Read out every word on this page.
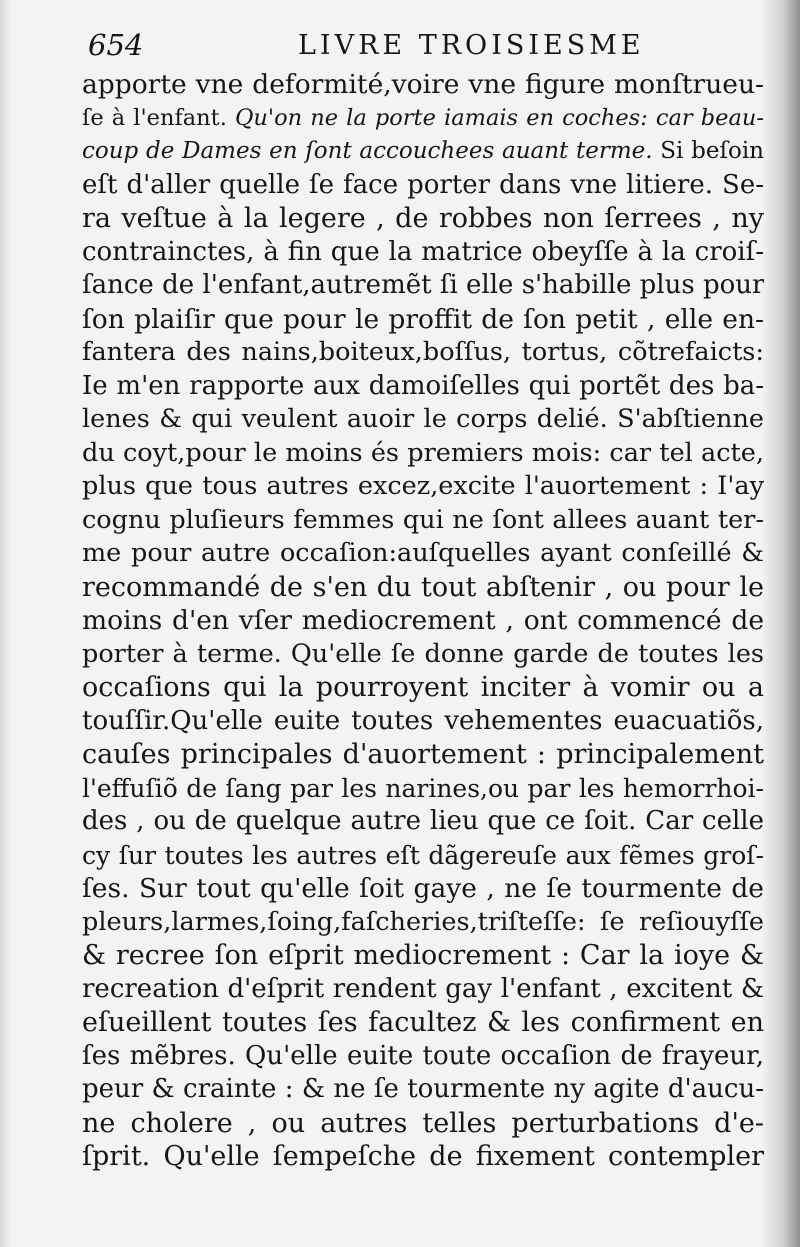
654	LIVRE TROISIESME
apporte vne deformité,voire vne figure monſtrueu-
ſe à l'enfant. Qu'on ne la porte iamais en coches: car beau-
coup de Dames en ſont accouchees auant terme. Si beſoin
eſt d'aller quelle ſe face porter dans vne litiere. Se-
ra veſtue à la legere , de robbes non ſerrees , ny
contrainctes, à fin que la matrice obeyſſe à la croiſ-
ſance de l'enfant,autremẽt ſi elle s'habille plus pour
ſon plaiſir que pour le proffit de ſon petit , elle en-
fantera des nains,boiteux,boſſus, tortus, cõtrefaicts:
Ie m'en rapporte aux damoiſelles qui portẽt des ba-
lenes & qui veulent auoir le corps delié. S'abſtienne
du coyt,pour le moins és premiers mois: car tel acte,
plus que tous autres excez,excite l'auortement : I'ay
cognu pluſieurs femmes qui ne ſont allees auant ter-
me pour autre occaſion:auſquelles ayant conſeillé &
recommandé de s'en du tout abſtenir , ou pour le
moins d'en vſer mediocrement , ont commencé de
porter à terme. Qu'elle ſe donne garde de toutes les
occaſions qui la pourroyent inciter à vomir ou a
touſſir.Qu'elle euite toutes vehementes euacuatiõs,
cauſes principales d'auortement : principalement
l'effuſiõ de ſang par les narines,ou par les hemorrhoi-
des , ou de quelque autre lieu que ce ſoit. Car celle
cy ſur toutes les autres eſt dãgereuſe aux fẽmes groſ-
ſes. Sur tout qu'elle ſoit gaye , ne ſe tourmente de
pleurs,larmes,ſoing,faſcheries,triſteſſe: ſe reſiouyſſe
& recree ſon eſprit mediocrement : Car la ioye &
recreation d'eſprit rendent gay l'enfant , excitent &
eſueillent toutes ſes facultez & les confirment en
ſes mẽbres. Qu'elle euite toute occaſion de frayeur,
peur & crainte : & ne ſe tourmente ny agite d'aucu-
ne cholere , ou autres telles perturbations d'e-
ſprit. Qu'elle ſempeſche de fixement contempler
